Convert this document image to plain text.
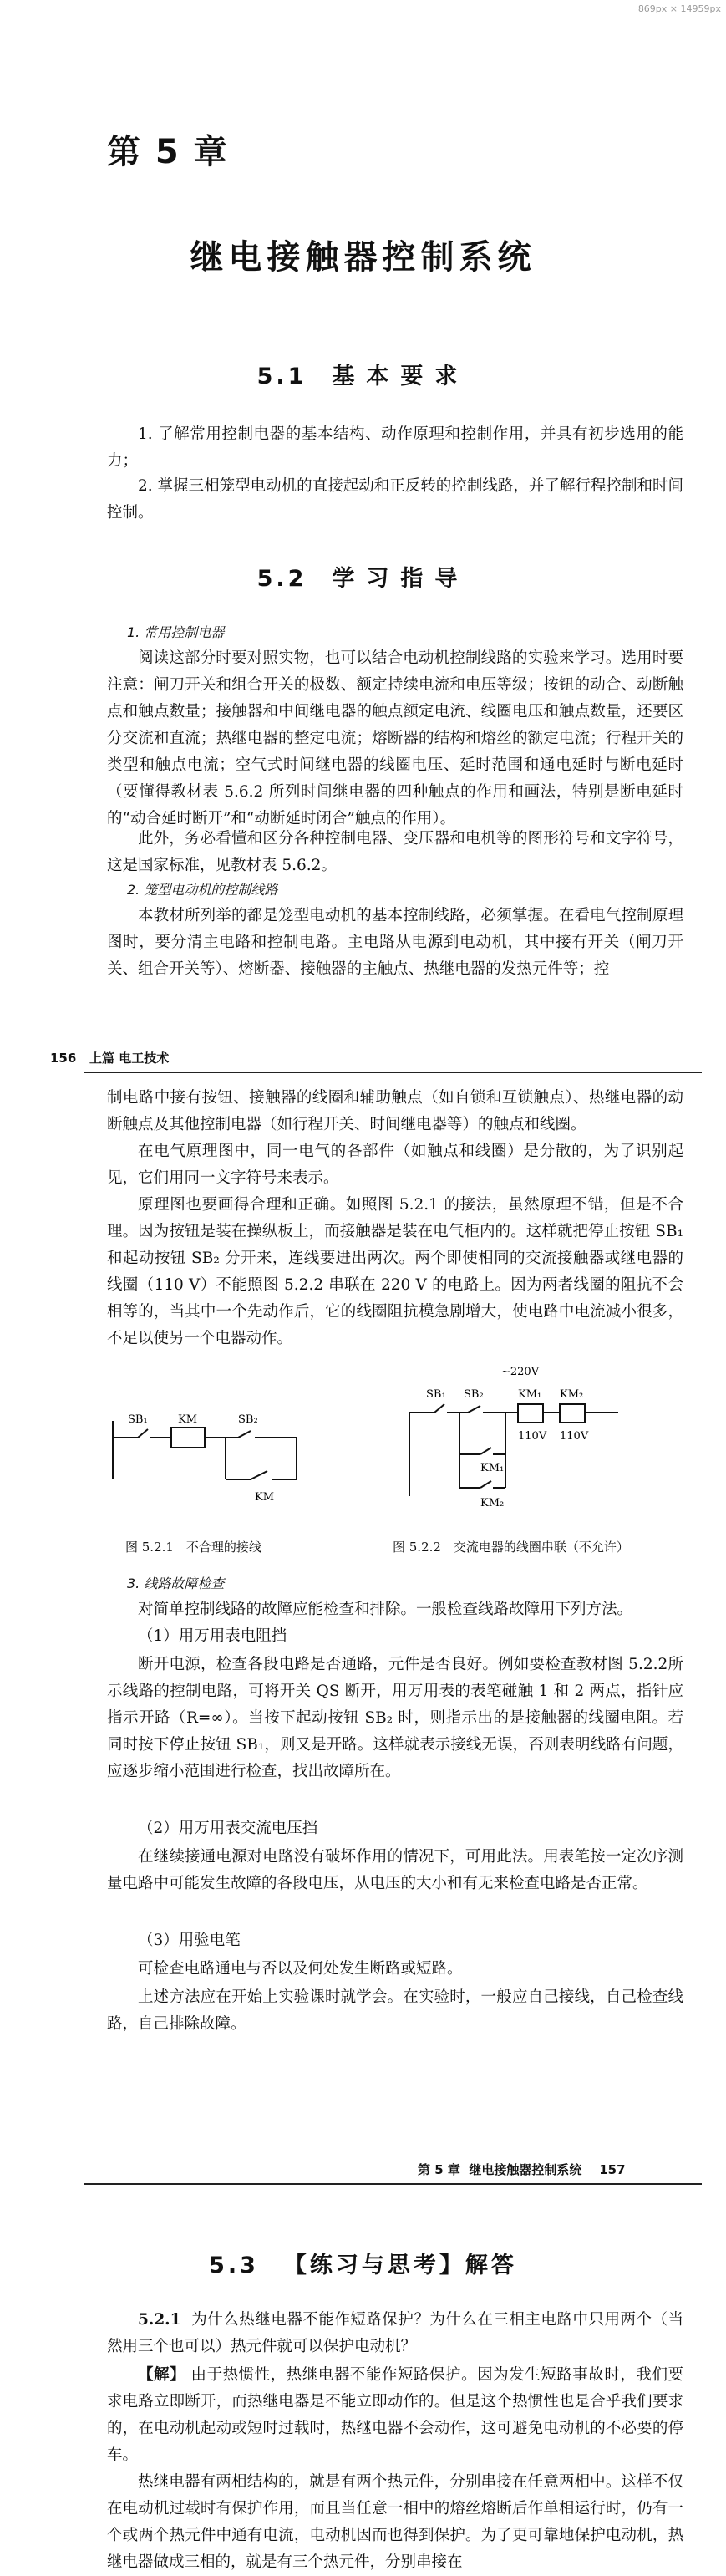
869px × 14959px
第 5 章
继电接触器控制系统
5.1 基本要求
1. 了解常用控制电器的基本结构、动作原理和控制作用，并具有初步选用的能力；
2. 掌握三相笼型电动机的直接起动和正反转的控制线路，并了解行程控制和时间控制。
5.2 学习指导
1. 常用控制电器
阅读这部分时要对照实物，也可以结合电动机控制线路的实验来学习。选用时要注意：闸刀开关和组合开关的极数、额定持续电流和电压等级；按钮的动合、动断触点和触点数量；接触器和中间继电器的触点额定电流、线圈电压和触点数量，还要区分交流和直流；热继电器的整定电流；熔断器的结构和熔丝的额定电流；行程开关的类型和触点电流；空气式时间继电器的线圈电压、延时范围和通电延时与断电延时（要懂得教材表 5.6.2 所列时间继电器的四种触点的作用和画法，特别是断电延时的“动合延时断开”和“动断延时闭合”触点的作用）。
此外，务必看懂和区分各种控制电器、变压器和电机等的图形符号和文字符号，这是国家标准，见教材表 5.6.2。
2. 笼型电动机的控制线路
本教材所列举的都是笼型电动机的基本控制线路，必须掌握。在看电气控制原理图时，要分清主电路和控制电路。主电路从电源到电动机，其中接有开关（闸刀开关、组合开关等）、熔断器、接触器的主触点、热继电器的发热元件等；控
156 上篇 电工技术
制电路中接有按钮、接触器的线圈和辅助触点（如自锁和互锁触点）、热继电器的动断触点及其他控制电器（如行程开关、时间继电器等）的触点和线圈。
在电气原理图中，同一电气的各部件（如触点和线圈）是分散的，为了识别起见，它们用同一文字符号来表示。
原理图也要画得合理和正确。如照图 5.2.1 的接法，虽然原理不错，但是不合理。因为按钮是装在操纵板上，而接触器是装在电气柜内的。这样就把停止按钮 SB₁ 和起动按钮 SB₂ 分开来，连线要进出两次。两个即使相同的交流接触器或继电器的线圈（110 V）不能照图 5.2.2 串联在 220 V 的电路上。因为两者线圈的阻抗不会相等的，当其中一个先动作后，它的线圈阻抗模急剧增大，使电路中电流减小很多，不足以使另一个电器动作。
SB₁	KM	SB₂
KM
~220V
KM₁ KM₂
110V 110V
SB₁ SB₂
KM₁
KM₂
图 5.2.1　不合理的接线	图 5.2.2　交流电器的线圈串联（不允许）
3. 线路故障检查
对简单控制线路的故障应能检查和排除。一般检查线路故障用下列方法。
（1）用万用表电阻挡
断开电源，检查各段电路是否通路，元件是否良好。例如要检查教材图 5.2.2所示线路的控制电路，可将开关 QS 断开，用万用表的表笔碰触 1 和 2 两点，指针应指示开路（R=∞）。当按下起动按钮 SB₂ 时，则指示出的是接触器的线圈电阻。若同时按下停止按钮 SB₁，则又是开路。这样就表示接线无误，否则表明线路有问题，应逐步缩小范围进行检查，找出故障所在。
（2）用万用表交流电压挡
在继续接通电源对电路没有破坏作用的情况下，可用此法。用表笔按一定次序测量电路中可能发生故障的各段电压，从电压的大小和有无来检查电路是否正常。
（3）用验电笔
可检查电路通电与否以及何处发生断路或短路。
上述方法应在开始上实验课时就学会。在实验时，一般应自己接线，自己检查线路，自己排除故障。
第 5 章 继电接触器控制系统 157
5.3 【练习与思考】解答
5.2.1 为什么热继电器不能作短路保护？为什么在三相主电路中只用两个（当然用三个也可以）热元件就可以保护电动机？
【解】 由于热惯性，热继电器不能作短路保护。因为发生短路事故时，我们要求电路立即断开，而热继电器是不能立即动作的。但是这个热惯性也是合乎我们要求的，在电动机起动或短时过载时，热继电器不会动作，这可避免电动机的不必要的停车。
热继电器有两相结构的，就是有两个热元件，分别串接在任意两相中。这样不仅在电动机过载时有保护作用，而且当任意一相中的熔丝熔断后作单相运行时，仍有一个或两个热元件中通有电流，电动机因而也得到保护。为了更可靠地保护电动机，热继电器做成三相的，就是有三个热元件，分别串接在
